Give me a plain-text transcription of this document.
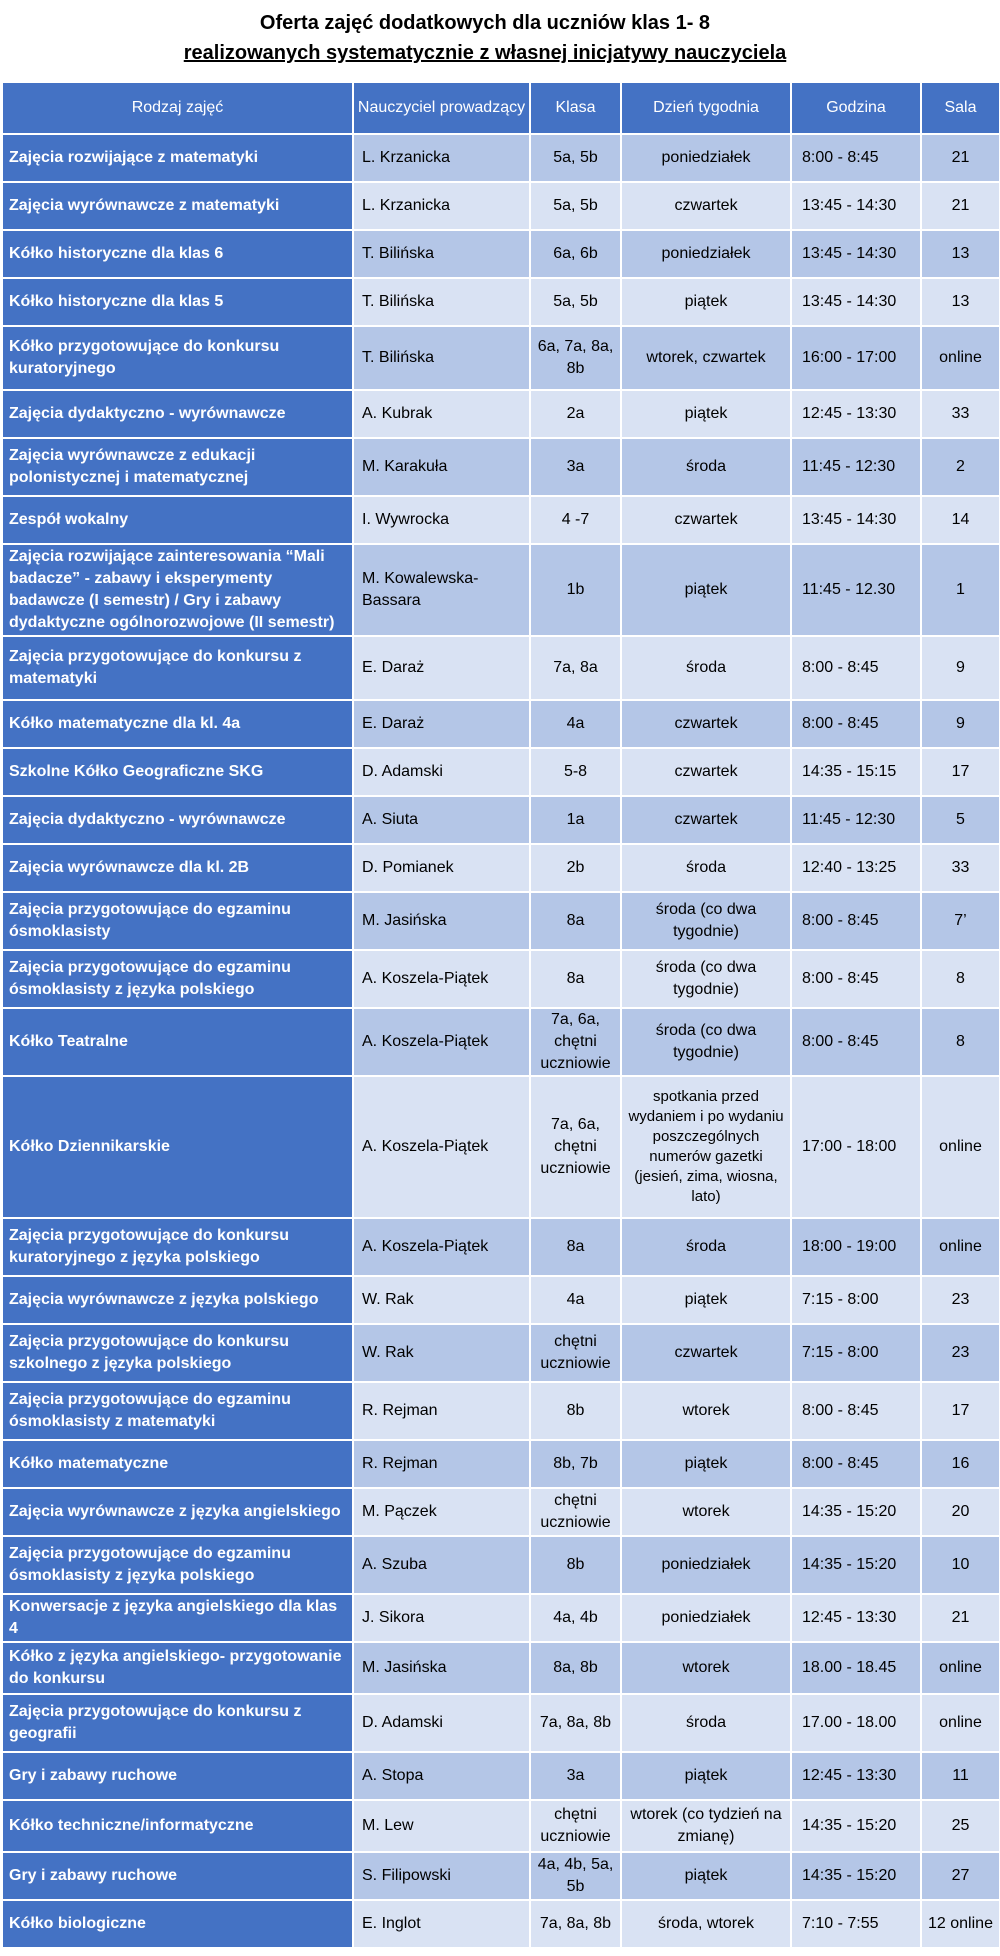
Oferta zajęć dodatkowych dla uczniów klas 1- 8
realizowanych systematycznie z własnej inicjatywy nauczyciela
Rodzaj zajęć	Nauczyciel prowadzący	Klasa	Dzień tygodnia	Godzina	Sala
Zajęcia rozwijające z matematyki	L. Krzanicka	5a, 5b	poniedziałek	8:00 - 8:45	21
Zajęcia wyrównawcze z matematyki	L. Krzanicka	5a, 5b	czwartek	13:45 - 14:30	21
Kółko historyczne dla klas 6	T. Bilińska	6a, 6b	poniedziałek	13:45 - 14:30	13
Kółko historyczne dla klas 5	T. Bilińska	5a, 5b	piątek	13:45 - 14:30	13
Kółko przygotowujące do konkursu kuratoryjnego	T. Bilińska	6a, 7a, 8a, 8b	wtorek, czwartek	16:00 - 17:00	online
Zajęcia dydaktyczno - wyrównawcze	A. Kubrak	2a	piątek	12:45 - 13:30	33
Zajęcia wyrównawcze z edukacji polonistycznej i matematycznej	M. Karakuła	3a	środa	11:45 - 12:30	2
Zespół wokalny	I. Wywrocka	4 -7	czwartek	13:45 - 14:30	14
Zajęcia rozwijające zainteresowania “Mali badacze” - zabawy i eksperymenty badawcze (I semestr) / Gry i zabawy dydaktyczne ogólnorozwojowe (II semestr)	M. Kowalewska-Bassara	1b	piątek	11:45 - 12.30	1
Zajęcia przygotowujące do konkursu z matematyki	E. Daraż	7a, 8a	środa	8:00 - 8:45	9
Kółko matematyczne dla kl. 4a	E. Daraż	4a	czwartek	8:00 - 8:45	9
Szkolne Kółko Geograficzne SKG	D. Adamski	5-8	czwartek	14:35 - 15:15	17
Zajęcia dydaktyczno - wyrównawcze	A. Siuta	1a	czwartek	11:45 - 12:30	5
Zajęcia wyrównawcze dla kl. 2B	D. Pomianek	2b	środa	12:40 - 13:25	33
Zajęcia przygotowujące do egzaminu ósmoklasisty	M. Jasińska	8a	środa (co dwa tygodnie)	8:00 - 8:45	7’
Zajęcia przygotowujące do egzaminu ósmoklasisty z języka polskiego	A. Koszela-Piątek	8a	środa (co dwa tygodnie)	8:00 - 8:45	8
Kółko Teatralne	A. Koszela-Piątek	7a, 6a, chętni uczniowie	środa (co dwa tygodnie)	8:00 - 8:45	8
Kółko Dziennikarskie	A. Koszela-Piątek	7a, 6a, chętni uczniowie	spotkania przed wydaniem i po wydaniu poszczególnych numerów gazetki (jesień, zima, wiosna, lato)	17:00 - 18:00	online
Zajęcia przygotowujące do konkursu kuratoryjnego z języka polskiego	A. Koszela-Piątek	8a	środa	18:00 - 19:00	online
Zajęcia wyrównawcze z języka polskiego	W. Rak	4a	piątek	7:15 - 8:00	23
Zajęcia przygotowujące do konkursu szkolnego z języka polskiego	W. Rak	chętni uczniowie	czwartek	7:15 - 8:00	23
Zajęcia przygotowujące do egzaminu ósmoklasisty z matematyki	R. Rejman	8b	wtorek	8:00 - 8:45	17
Kółko matematyczne	R. Rejman	8b, 7b	piątek	8:00 - 8:45	16
Zajęcia wyrównawcze z języka angielskiego	M. Pączek	chętni uczniowie	wtorek	14:35 - 15:20	20
Zajęcia przygotowujące do egzaminu ósmoklasisty z języka polskiego	A. Szuba	8b	poniedziałek	14:35 - 15:20	10
Konwersacje z języka angielskiego dla klas 4	J. Sikora	4a, 4b	poniedziałek	12:45 - 13:30	21
Kółko z języka angielskiego- przygotowanie do konkursu	M. Jasińska	8a, 8b	wtorek	18.00 - 18.45	online
Zajęcia przygotowujące do konkursu z geografii	D. Adamski	7a, 8a, 8b	środa	17.00 - 18.00	online
Gry i zabawy ruchowe	A. Stopa	3a	piątek	12:45 - 13:30	11
Kółko techniczne/informatyczne	M. Lew	chętni uczniowie	wtorek (co tydzień na zmianę)	14:35 - 15:20	25
Gry i zabawy ruchowe	S. Filipowski	4a, 4b, 5a, 5b	piątek	14:35 - 15:20	27
Kółko biologiczne	E. Inglot	7a, 8a, 8b	środa, wtorek	7:10 - 7:55	12 online
